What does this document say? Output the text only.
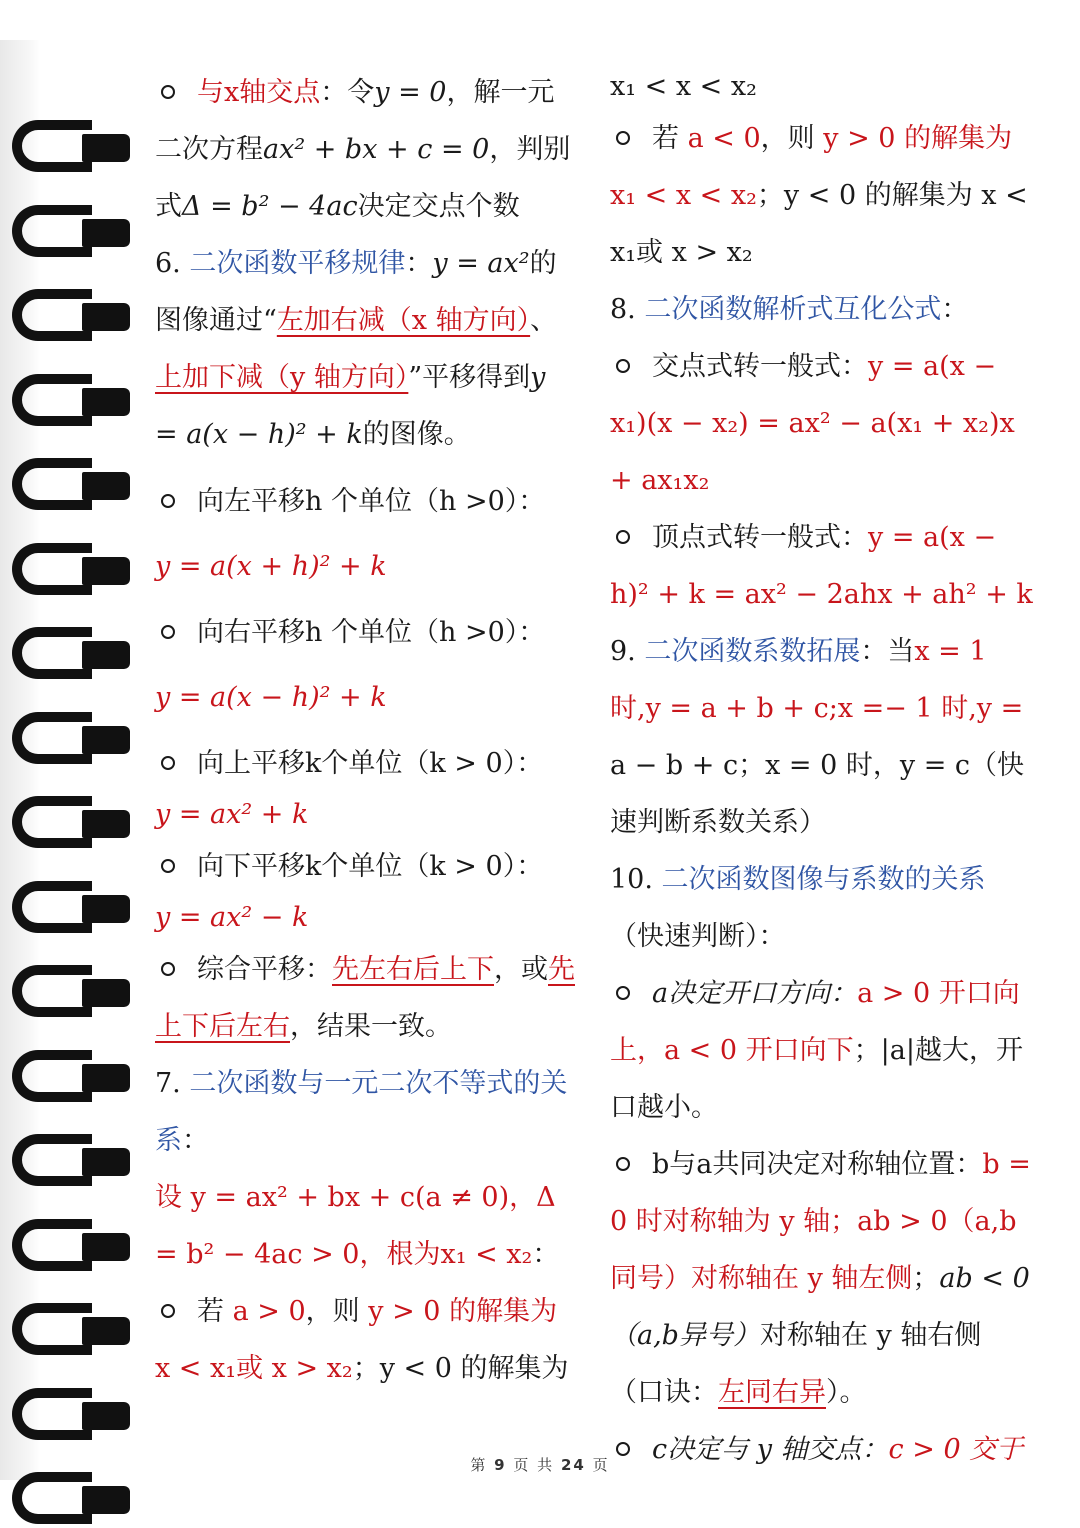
与x轴交点：令y = 0，解一元二次方程ax² + bx + c = 0，判别式Δ = b² − 4ac决定交点个数

6. 二次函数平移规律：y = ax²的图像通过“左加右减（x 轴方向）、上加下减（y 轴方向）”平移得到y = a(x − h)² + k的图像。

向左平移h 个单位（h >0）：

y = a(x + h)² + k

向右平移h 个单位（h >0）：

y = a(x − h)² + k

向上平移k个单位（k > 0）：

y = ax² + k

向下平移k个单位（k > 0）：

y = ax² − k

综合平移：先左右后上下，或先上下后左右，结果一致。

7. 二次函数与一元二次不等式的关系：

设 y = ax² + bx + c(a ≠ 0)，Δ = b² − 4ac > 0，根为x₁ < x₂：

若 a > 0，则 y > 0 的解集为 x < x₁或 x > x₂；y < 0 的解集为

x₁ < x < x₂

若 a < 0，则 y > 0 的解集为 x₁ < x < x₂；y < 0 的解集为 x < x₁或 x > x₂

8. 二次函数解析式互化公式：

交点式转一般式：y = a(x − x₁)(x − x₂) = ax² − a(x₁ + x₂)x + ax₁x₂

顶点式转一般式：y = a(x − h)² + k = ax² − 2ahx + ah² + k

9. 二次函数系数拓展：当x = 1 时,y = a + b + c;x =− 1 时,y = a − b + c；x = 0 时，y = c（快速判断系数关系）

10. 二次函数图像与系数的关系（快速判断）：

a决定开口方向：a > 0 开口向上，a < 0 开口向下；|a|越大，开口越小。

b与a共同决定对称轴位置：b = 0 时对称轴为 y 轴；ab > 0（a,b同号）对称轴在 y 轴左侧；ab < 0（a,b异号）对称轴在 y 轴右侧（口诀：左同右异）。

c决定与 y 轴交点：c > 0 交于

第 9 页 共 24 页
